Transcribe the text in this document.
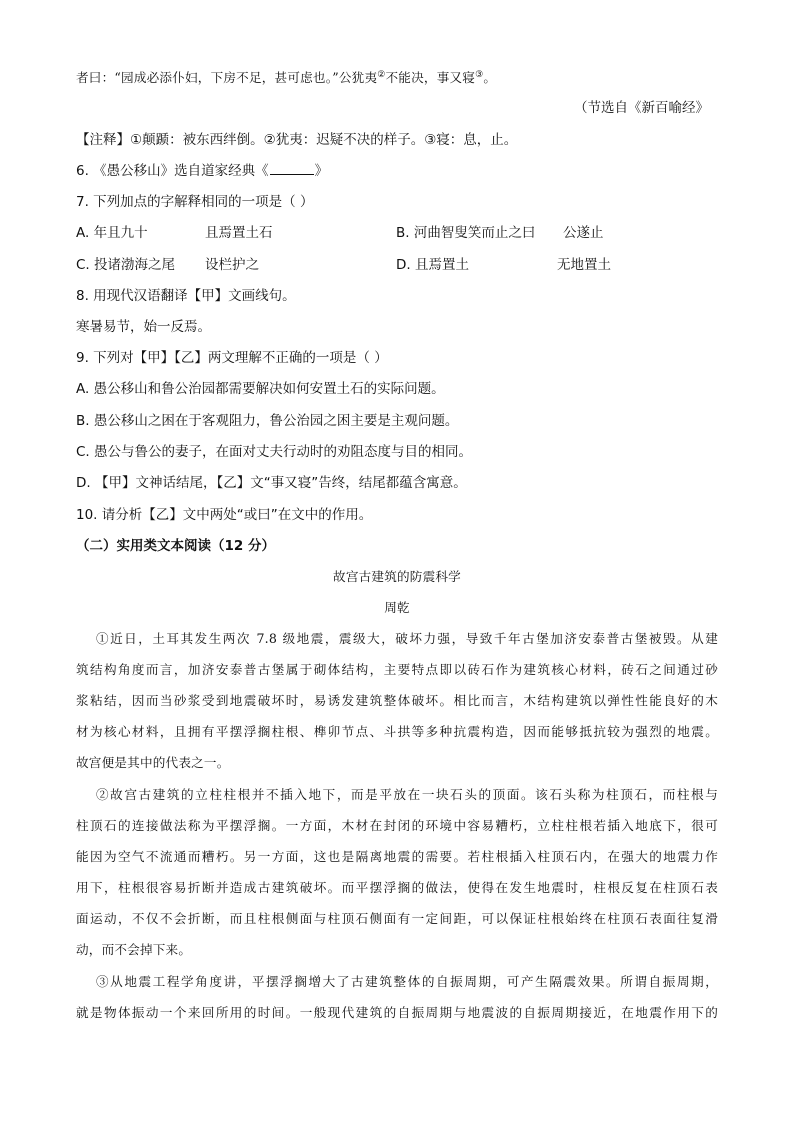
者曰：“园成必添仆妇，下房不足，甚可虑也。”公犹夷②不能决，事又寝③。
（节选自《新百喻经》
【注释】①颠踬：被东西绊倒。②犹夷：迟疑不决的样子。③寝：息，止。
6. 《愚公移山》选自道家经典《	》
7. 下列加点的字解释相同的一项是（ ）
A. 年且九十	且焉置土石	B. 河曲智叟笑而止之曰 公遂止
C. 投诸渤海之尾 设栏护之	D. 且焉置土	无地置土
8. 用现代汉语翻译【甲】文画线句。
寒暑易节，始一反焉。
9. 下列对【甲】【乙】两文理解不正确的一项是（ ）
A. 愚公移山和鲁公治园都需要解决如何安置土石的实际问题。
B. 愚公移山之困在于客观阻力，鲁公治园之困主要是主观问题。
C. 愚公与鲁公的妻子，在面对丈夫行动时的劝阻态度与目的相同。
D. 【甲】文神话结尾，【乙】文“事又寝”告终，结尾都蕴含寓意。
10. 请分析【乙】文中两处“或曰”在文中的作用。
（二）实用类文本阅读（12 分）
故宫古建筑的防震科学
周乾
①近日，土耳其发生两次 7.8 级地震，震级大，破坏力强，导致千年古堡加济安泰普古堡被毁。从建
筑结构角度而言，加济安泰普古堡属于砌体结构，主要特点即以砖石作为建筑核心材料，砖石之间通过砂
浆粘结，因而当砂浆受到地震破坏时，易诱发建筑整体破坏。相比而言，木结构建筑以弹性性能良好的木
材为核心材料，且拥有平摆浮搁柱根、榫卯节点、斗拱等多种抗震构造，因而能够抵抗较为强烈的地震。
故宫便是其中的代表之一。
②故宫古建筑的立柱柱根并不插入地下，而是平放在一块石头的顶面。该石头称为柱顶石，而柱根与
柱顶石的连接做法称为平摆浮搁。一方面，木材在封闭的环境中容易糟朽，立柱柱根若插入地底下，很可
能因为空气不流通而糟朽。另一方面，这也是隔离地震的需要。若柱根插入柱顶石内，在强大的地震力作
用下，柱根很容易折断并造成古建筑破坏。而平摆浮搁的做法，使得在发生地震时，柱根反复在柱顶石表
面运动，不仅不会折断，而且柱根侧面与柱顶石侧面有一定间距，可以保证柱根始终在柱顶石表面往复滑
动，而不会掉下来。
③从地震工程学角度讲，平摆浮搁增大了古建筑整体的自振周期，可产生隔震效果。所谓自振周期，
就是物体振动一个来回所用的时间。一般现代建筑的自振周期与地震波的自振周期接近，在地震作用下的
